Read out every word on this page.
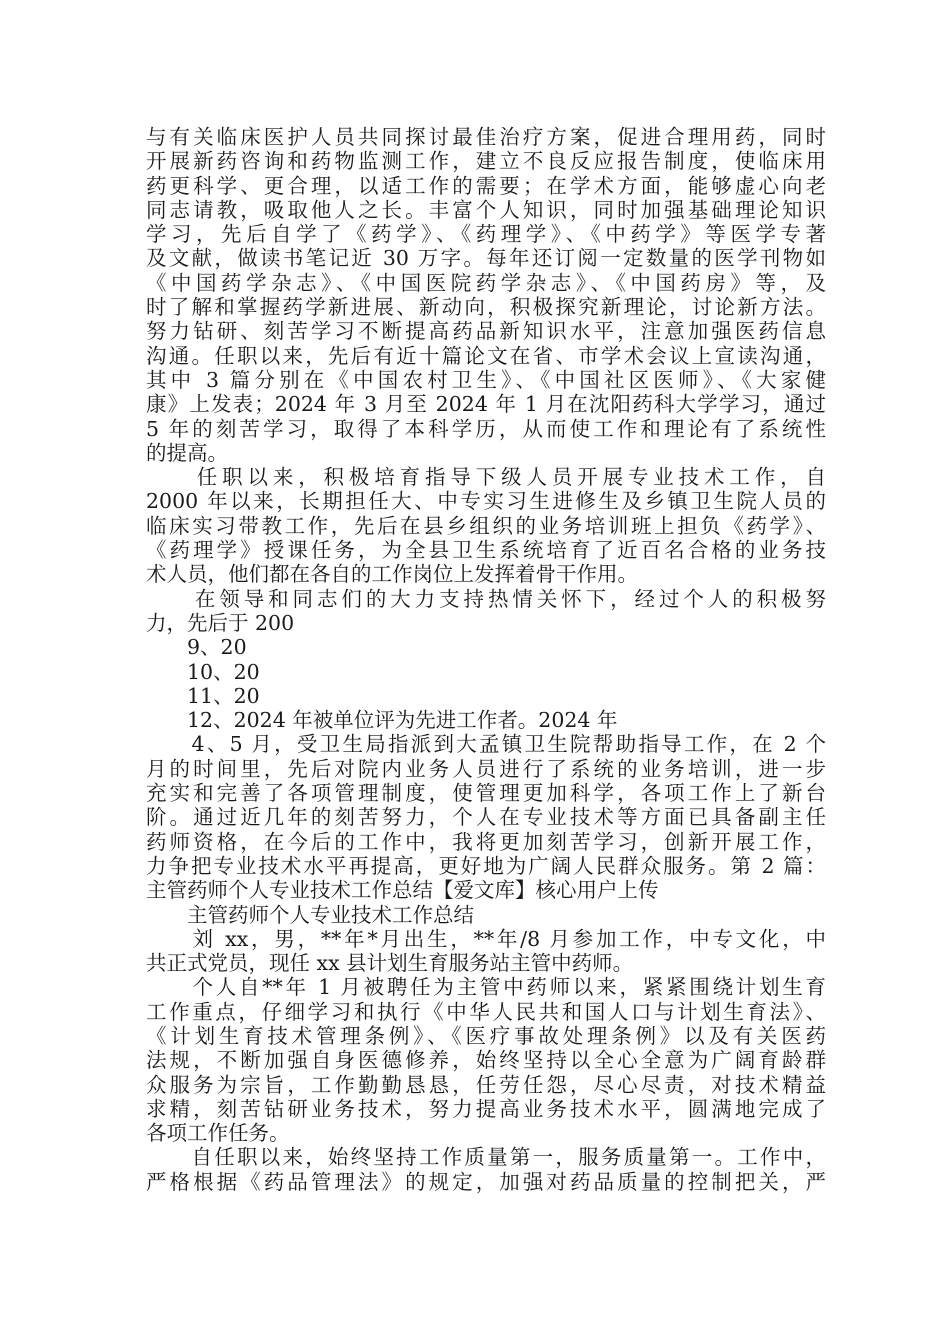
与有关临床医护人员共同探讨最佳治疗方案，促进合理用药，同时
开展新药咨询和药物监测工作，建立不良反应报告制度，使临床用
药更科学、更合理，以适工作的需要；在学术方面，能够虚心向老
同志请教，吸取他人之长。丰富个人知识，同时加强基础理论知识
学习，先后自学了《药学》、《药理学》、《中药学》等医学专著
及文献，做读书笔记近 30 万字。每年还订阅一定数量的医学刊物如
《中国药学杂志》、《中国医院药学杂志》、《中国药房》等，及
时了解和掌握药学新进展、新动向，积极探究新理论，讨论新方法。
努力钻研、刻苦学习不断提高药品新知识水平，注意加强医药信息
沟通。任职以来，先后有近十篇论文在省、市学术会议上宣读沟通，
其中 3 篇分别在《中国农村卫生》、《中国社区医师》、《大家健
康》上发表；2024 年 3 月至 2024 年 1 月在沈阳药科大学学习，通过
5 年的刻苦学习，取得了本科学历，从而使工作和理论有了系统性
的提高。
　　任职以来，积极培育指导下级人员开展专业技术工作，自
2000 年以来，长期担任大、中专实习生进修生及乡镇卫生院人员的
临床实习带教工作，先后在县乡组织的业务培训班上担负《药学》、
《药理学》授课任务，为全县卫生系统培育了近百名合格的业务技
术人员，他们都在各自的工作岗位上发挥着骨干作用。
　　在领导和同志们的大力支持热情关怀下，经过个人的积极努
力，先后于 200
　　9、20
　　10、20
　　11、20
　　12、2024 年被单位评为先进工作者。2024 年
　　4、5 月，受卫生局指派到大孟镇卫生院帮助指导工作，在 2 个
月的时间里，先后对院内业务人员进行了系统的业务培训，进一步
充实和完善了各项管理制度，使管理更加科学，各项工作上了新台
阶。通过近几年的刻苦努力，个人在专业技术等方面已具备副主任
药师资格，在今后的工作中，我将更加刻苦学习，创新开展工作，
力争把专业技术水平再提高，更好地为广阔人民群众服务。第 2 篇：
主管药师个人专业技术工作总结【爱文库】核心用户上传
　　主管药师个人专业技术工作总结
　　刘 xx，男，**年*月出生，**年/8 月参加工作，中专文化，中
共正式党员，现任 xx 县计划生育服务站主管中药师。
　　个人自**年 1 月被聘任为主管中药师以来，紧紧围绕计划生育
工作重点，仔细学习和执行《中华人民共和国人口与计划生育法》、
《计划生育技术管理条例》、《医疗事故处理条例》以及有关医药
法规，不断加强自身医德修养，始终坚持以全心全意为广阔育龄群
众服务为宗旨，工作勤勤恳恳，任劳任怨，尽心尽责，对技术精益
求精，刻苦钻研业务技术，努力提高业务技术水平，圆满地完成了
各项工作任务。
　　自任职以来，始终坚持工作质量第一，服务质量第一。工作中，
严格根据《药品管理法》的规定，加强对药品质量的控制把关，严
